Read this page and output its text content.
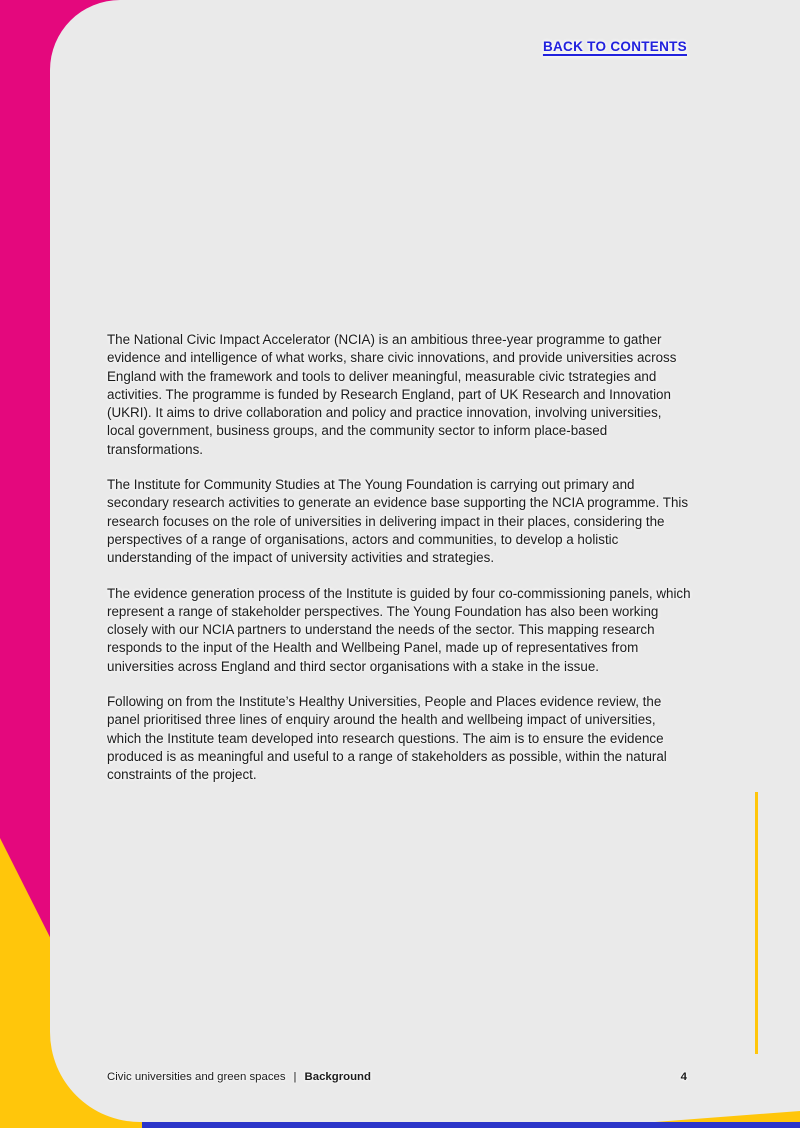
BACK TO CONTENTS

The National Civic Impact Accelerator (NCIA) is an ambitious three-year programme to gather evidence and intelligence of what works, share civic innovations, and provide universities across England with the framework and tools to deliver meaningful, measurable civic tstrategies and activities. The programme is funded by Research England, part of UK Research and Innovation (UKRI). It aims to drive collaboration and policy and practice innovation, involving universities, local government, business groups, and the community sector to inform place-based transformations.

The Institute for Community Studies at The Young Foundation is carrying out primary and secondary research activities to generate an evidence base supporting the NCIA programme. This research focuses on the role of universities in delivering impact in their places, considering the perspectives of a range of organisations, actors and communities, to develop a holistic understanding of the impact of university activities and strategies.

The evidence generation process of the Institute is guided by four co-commissioning panels, which represent a range of stakeholder perspectives. The Young Foundation has also been working closely with our NCIA partners to understand the needs of the sector. This mapping research responds to the input of the Health and Wellbeing Panel, made up of representatives from universities across England and third sector organisations with a stake in the issue.

Following on from the Institute’s Healthy Universities, People and Places evidence review, the panel prioritised three lines of enquiry around the health and wellbeing impact of universities, which the Institute team developed into research questions. The aim is to ensure the evidence produced is as meaningful and useful to a range of stakeholders as possible, within the natural constraints of the project.

Civic universities and green spaces | Background	4
